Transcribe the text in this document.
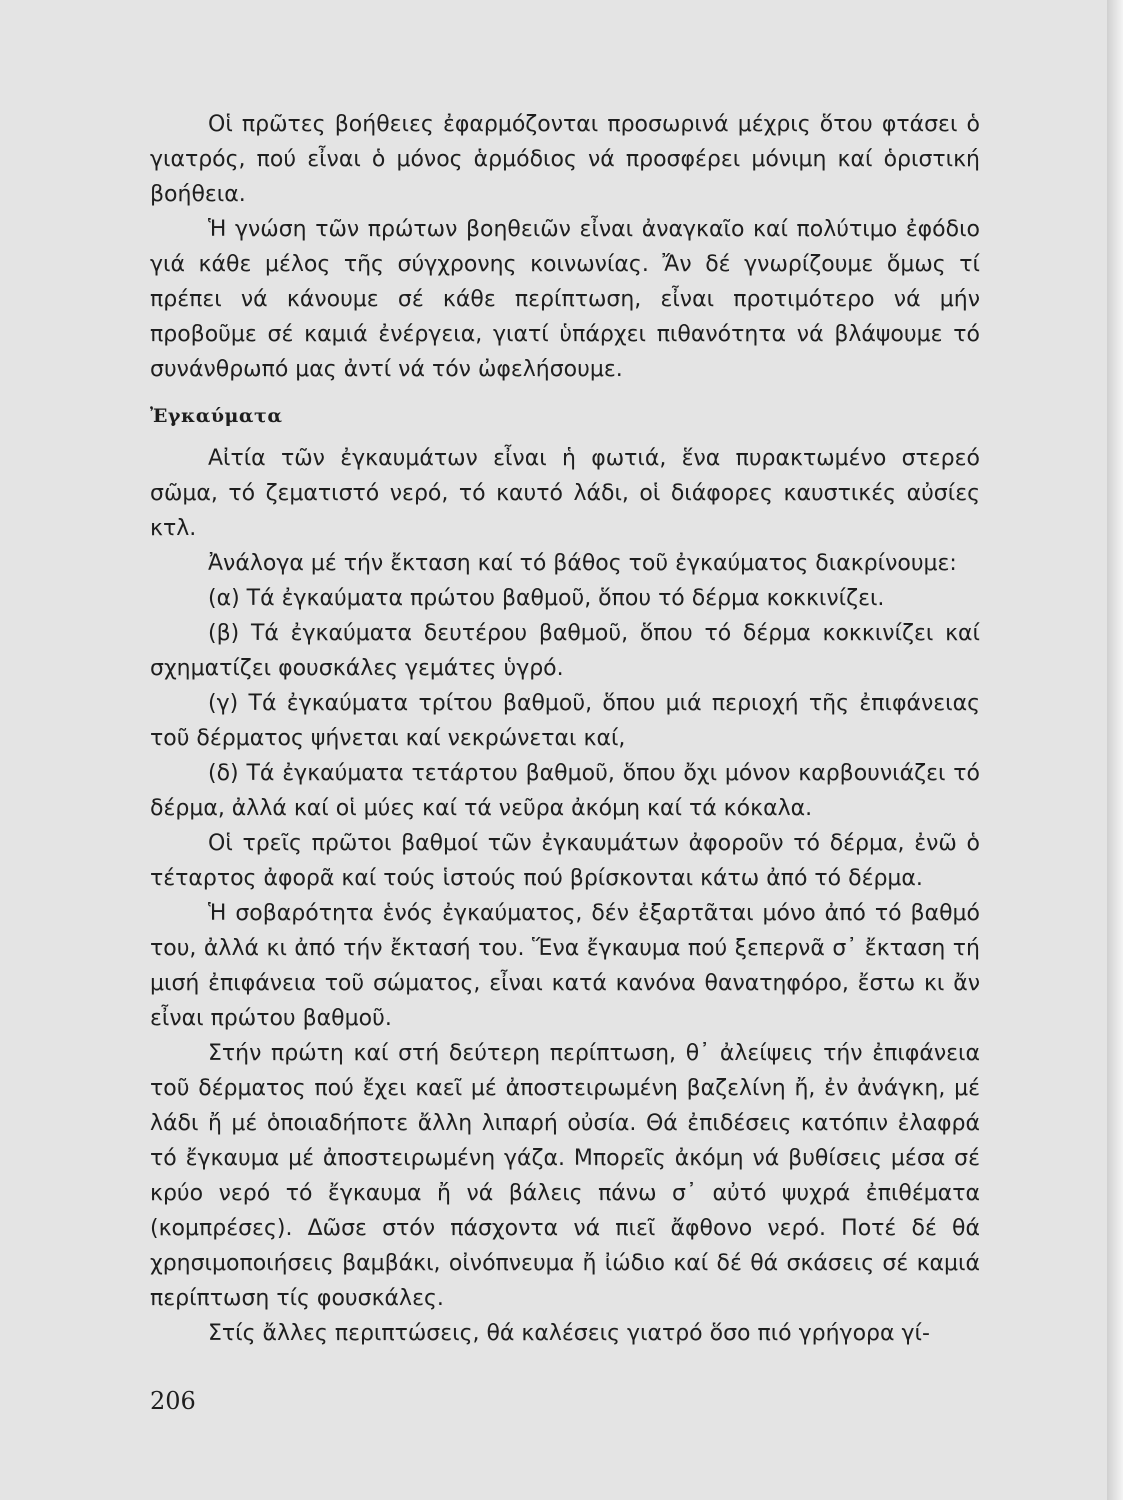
Οἱ πρῶτες βοήθειες ἐφαρμόζονται προσωρινά μέχρις ὅτου φτάσει ὁ γιατρός, πού εἶναι ὁ μόνος ἁρμόδιος νά προσφέρει μόνιμη καί ὁριστική βοήθεια.

Ἡ γνώση τῶν πρώτων βοηθειῶν εἶναι ἀναγκαῖο καί πολύτιμο ἐφόδιο γιά κάθε μέλος τῆς σύγχρονης κοινωνίας. Ἄν δέ γνωρίζουμε ὅμως τί πρέπει νά κάνουμε σέ κάθε περίπτωση, εἶναι προτιμότερο νά μήν προβοῦμε σέ καμιά ἐνέργεια, γιατί ὑπάρχει πιθανότητα νά βλάψουμε τό συνάνθρωπό μας ἀντί νά τόν ὠφελήσουμε.

Ἐγκαύματα

Αἰτία τῶν ἐγκαυμάτων εἶναι ἡ φωτιά, ἕνα πυρακτωμένο στερεό σῶμα, τό ζεματιστό νερό, τό καυτό λάδι, οἱ διάφορες καυστικές αὐσίες κτλ.

Ἀνάλογα μέ τήν ἔκταση καί τό βάθος τοῦ ἐγκαύματος διακρίνουμε:

(α) Τά ἐγκαύματα πρώτου βαθμοῦ, ὅπου τό δέρμα κοκκινίζει.

(β) Τά ἐγκαύματα δευτέρου βαθμοῦ, ὅπου τό δέρμα κοκκινίζει καί σχηματίζει φουσκάλες γεμάτες ὑγρό.

(γ) Τά ἐγκαύματα τρίτου βαθμοῦ, ὅπου μιά περιοχή τῆς ἐπιφάνειας τοῦ δέρματος ψήνεται καί νεκρώνεται καί,

(δ) Τά ἐγκαύματα τετάρτου βαθμοῦ, ὅπου ὄχι μόνον καρβουνιάζει τό δέρμα, ἀλλά καί οἱ μύες καί τά νεῦρα ἀκόμη καί τά κόκαλα.

Οἱ τρεῖς πρῶτοι βαθμοί τῶν ἐγκαυμάτων ἀφοροῦν τό δέρμα, ἐνῶ ὁ τέταρτος ἀφορᾶ καί τούς ἱστούς πού βρίσκονται κάτω ἀπό τό δέρμα.

Ἡ σοβαρότητα ἑνός ἐγκαύματος, δέν ἐξαρτᾶται μόνο ἀπό τό βαθμό του, ἀλλά κι ἀπό τήν ἔκτασή του. Ἕνα ἔγκαυμα πού ξεπερνᾶ σ᾽ ἔκταση τή μισή ἐπιφάνεια τοῦ σώματος, εἶναι κατά κανόνα θανατηφόρο, ἔστω κι ἄν εἶναι πρώτου βαθμοῦ.

Στήν πρώτη καί στή δεύτερη περίπτωση, θ᾽ ἀλείψεις τήν ἐπιφάνεια τοῦ δέρματος πού ἔχει καεῖ μέ ἀποστειρωμένη βαζελίνη ἤ, ἐν ἀνάγκη, μέ λάδι ἤ μέ ὁποιαδήποτε ἄλλη λιπαρή οὐσία. Θά ἐπιδέσεις κατόπιν ἐλαφρά τό ἔγκαυμα μέ ἀποστειρωμένη γάζα. Μπορεῖς ἀκόμη νά βυθίσεις μέσα σέ κρύο νερό τό ἔγκαυμα ἤ νά βάλεις πάνω σ᾽ αὐτό ψυχρά ἐπιθέματα (κομπρέσες). Δῶσε στόν πάσχοντα νά πιεῖ ἄφθονο νερό. Ποτέ δέ θά χρησιμοποιήσεις βαμβάκι, οἰνόπνευμα ἤ ἰώδιο καί δέ θά σκάσεις σέ καμιά περίπτωση τίς φουσκάλες.

Στίς ἄλλες περιπτώσεις, θά καλέσεις γιατρό ὅσο πιό γρήγορα γί-

206
